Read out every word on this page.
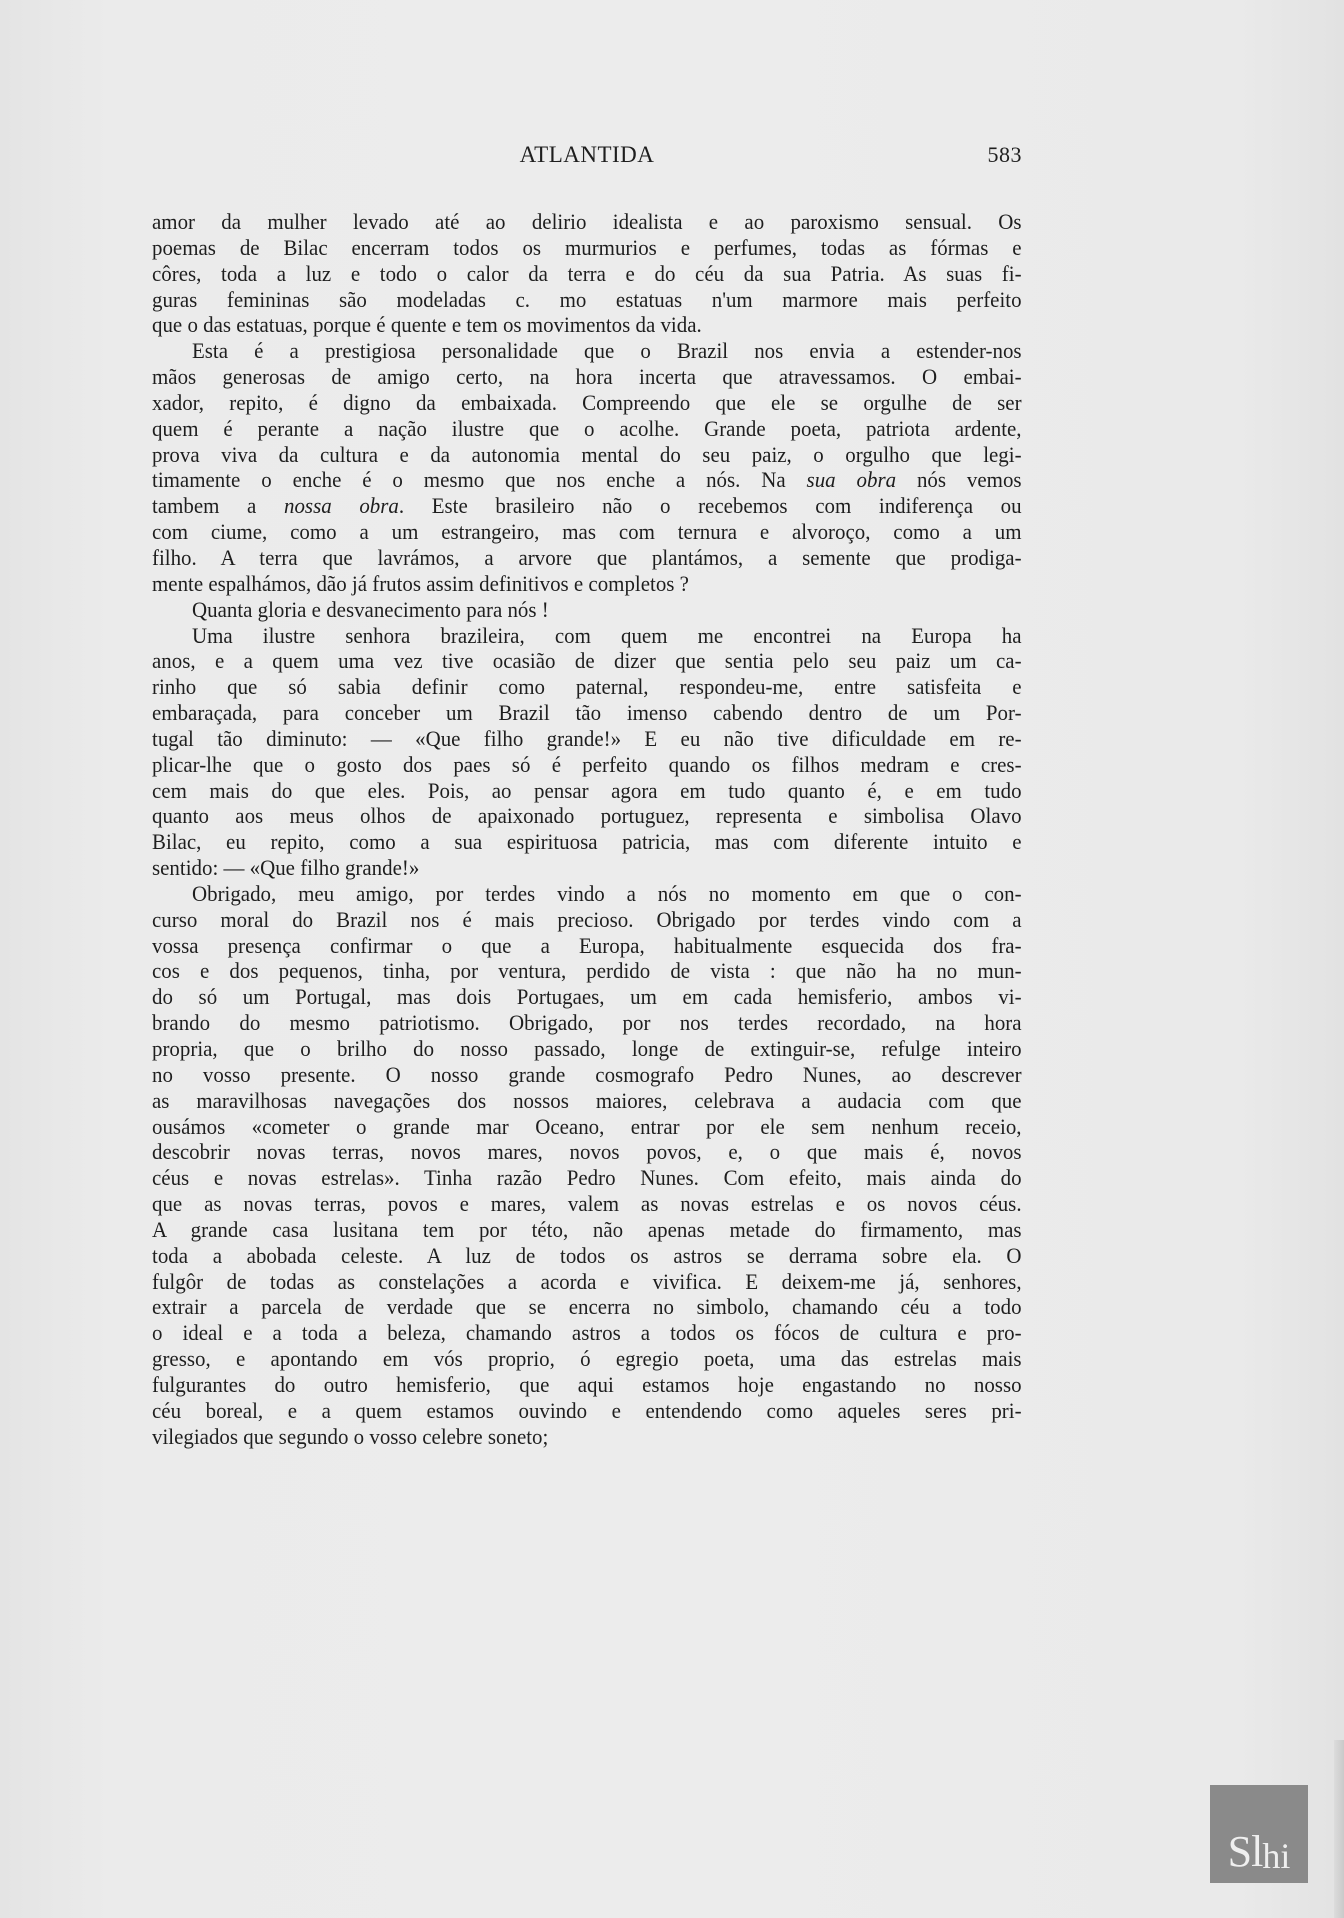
ATLANTIDA	583
amor da mulher levado até ao delirio idealista e ao paroxismo sensual. Os
poemas de Bilac encerram todos os murmurios e perfumes, todas as fórmas e
côres, toda a luz e todo o calor da terra e do céu da sua Patria. As suas fi-
guras femininas são modeladas c. mo estatuas n'um marmore mais perfeito
que o das estatuas, porque é quente e tem os movimentos da vida.
Esta é a prestigiosa personalidade que o Brazil nos envia a estender-nos
mãos generosas de amigo certo, na hora incerta que atravessamos. O embai-
xador, repito, é digno da embaixada. Compreendo que ele se orgulhe de ser
quem é perante a nação ilustre que o acolhe. Grande poeta, patriota ardente,
prova viva da cultura e da autonomia mental do seu paiz, o orgulho que legi-
timamente o enche é o mesmo que nos enche a nós. Na sua obra nós vemos
tambem a nossa obra. Este brasileiro não o recebemos com indiferença ou
com ciume, como a um estrangeiro, mas com ternura e alvoroço, como a um
filho. A terra que lavrámos, a arvore que plantámos, a semente que prodiga-
mente espalhámos, dão já frutos assim definitivos e completos ?
Quanta gloria e desvanecimento para nós !
Uma ilustre senhora brazileira, com quem me encontrei na Europa ha
anos, e a quem uma vez tive ocasião de dizer que sentia pelo seu paiz um ca-
rinho que só sabia definir como paternal, respondeu-me, entre satisfeita e
embaraçada, para conceber um Brazil tão imenso cabendo dentro de um Por-
tugal tão diminuto: — «Que filho grande!» E eu não tive dificuldade em re-
plicar-lhe que o gosto dos paes só é perfeito quando os filhos medram e cres-
cem mais do que eles. Pois, ao pensar agora em tudo quanto é, e em tudo
quanto aos meus olhos de apaixonado portuguez, representa e simbolisa Olavo
Bilac, eu repito, como a sua espirituosa patricia, mas com diferente intuito e
sentido: — «Que filho grande!»
Obrigado, meu amigo, por terdes vindo a nós no momento em que o con-
curso moral do Brazil nos é mais precioso. Obrigado por terdes vindo com a
vossa presença confirmar o que a Europa, habitualmente esquecida dos fra-
cos e dos pequenos, tinha, por ventura, perdido de vista : que não ha no mun-
do só um Portugal, mas dois Portugaes, um em cada hemisferio, ambos vi-
brando do mesmo patriotismo. Obrigado, por nos terdes recordado, na hora
propria, que o brilho do nosso passado, longe de extinguir-se, refulge inteiro
no vosso presente. O nosso grande cosmografo Pedro Nunes, ao descrever
as maravilhosas navegações dos nossos maiores, celebrava a audacia com que
ousámos «cometer o grande mar Oceano, entrar por ele sem nenhum receio,
descobrir novas terras, novos mares, novos povos, e, o que mais é, novos
céus e novas estrelas». Tinha razão Pedro Nunes. Com efeito, mais ainda do
que as novas terras, povos e mares, valem as novas estrelas e os novos céus.
A grande casa lusitana tem por této, não apenas metade do firmamento, mas
toda a abobada celeste. A luz de todos os astros se derrama sobre ela. O
fulgôr de todas as constelações a acorda e vivifica. E deixem-me já, senhores,
extrair a parcela de verdade que se encerra no simbolo, chamando céu a todo
o ideal e a toda a beleza, chamando astros a todos os fócos de cultura e pro-
gresso, e apontando em vós proprio, ó egregio poeta, uma das estrelas mais
fulgurantes do outro hemisferio, que aqui estamos hoje engastando no nosso
céu boreal, e a quem estamos ouvindo e entendendo como aqueles seres pri-
vilegiados que segundo o vosso celebre soneto;
Sl hi
